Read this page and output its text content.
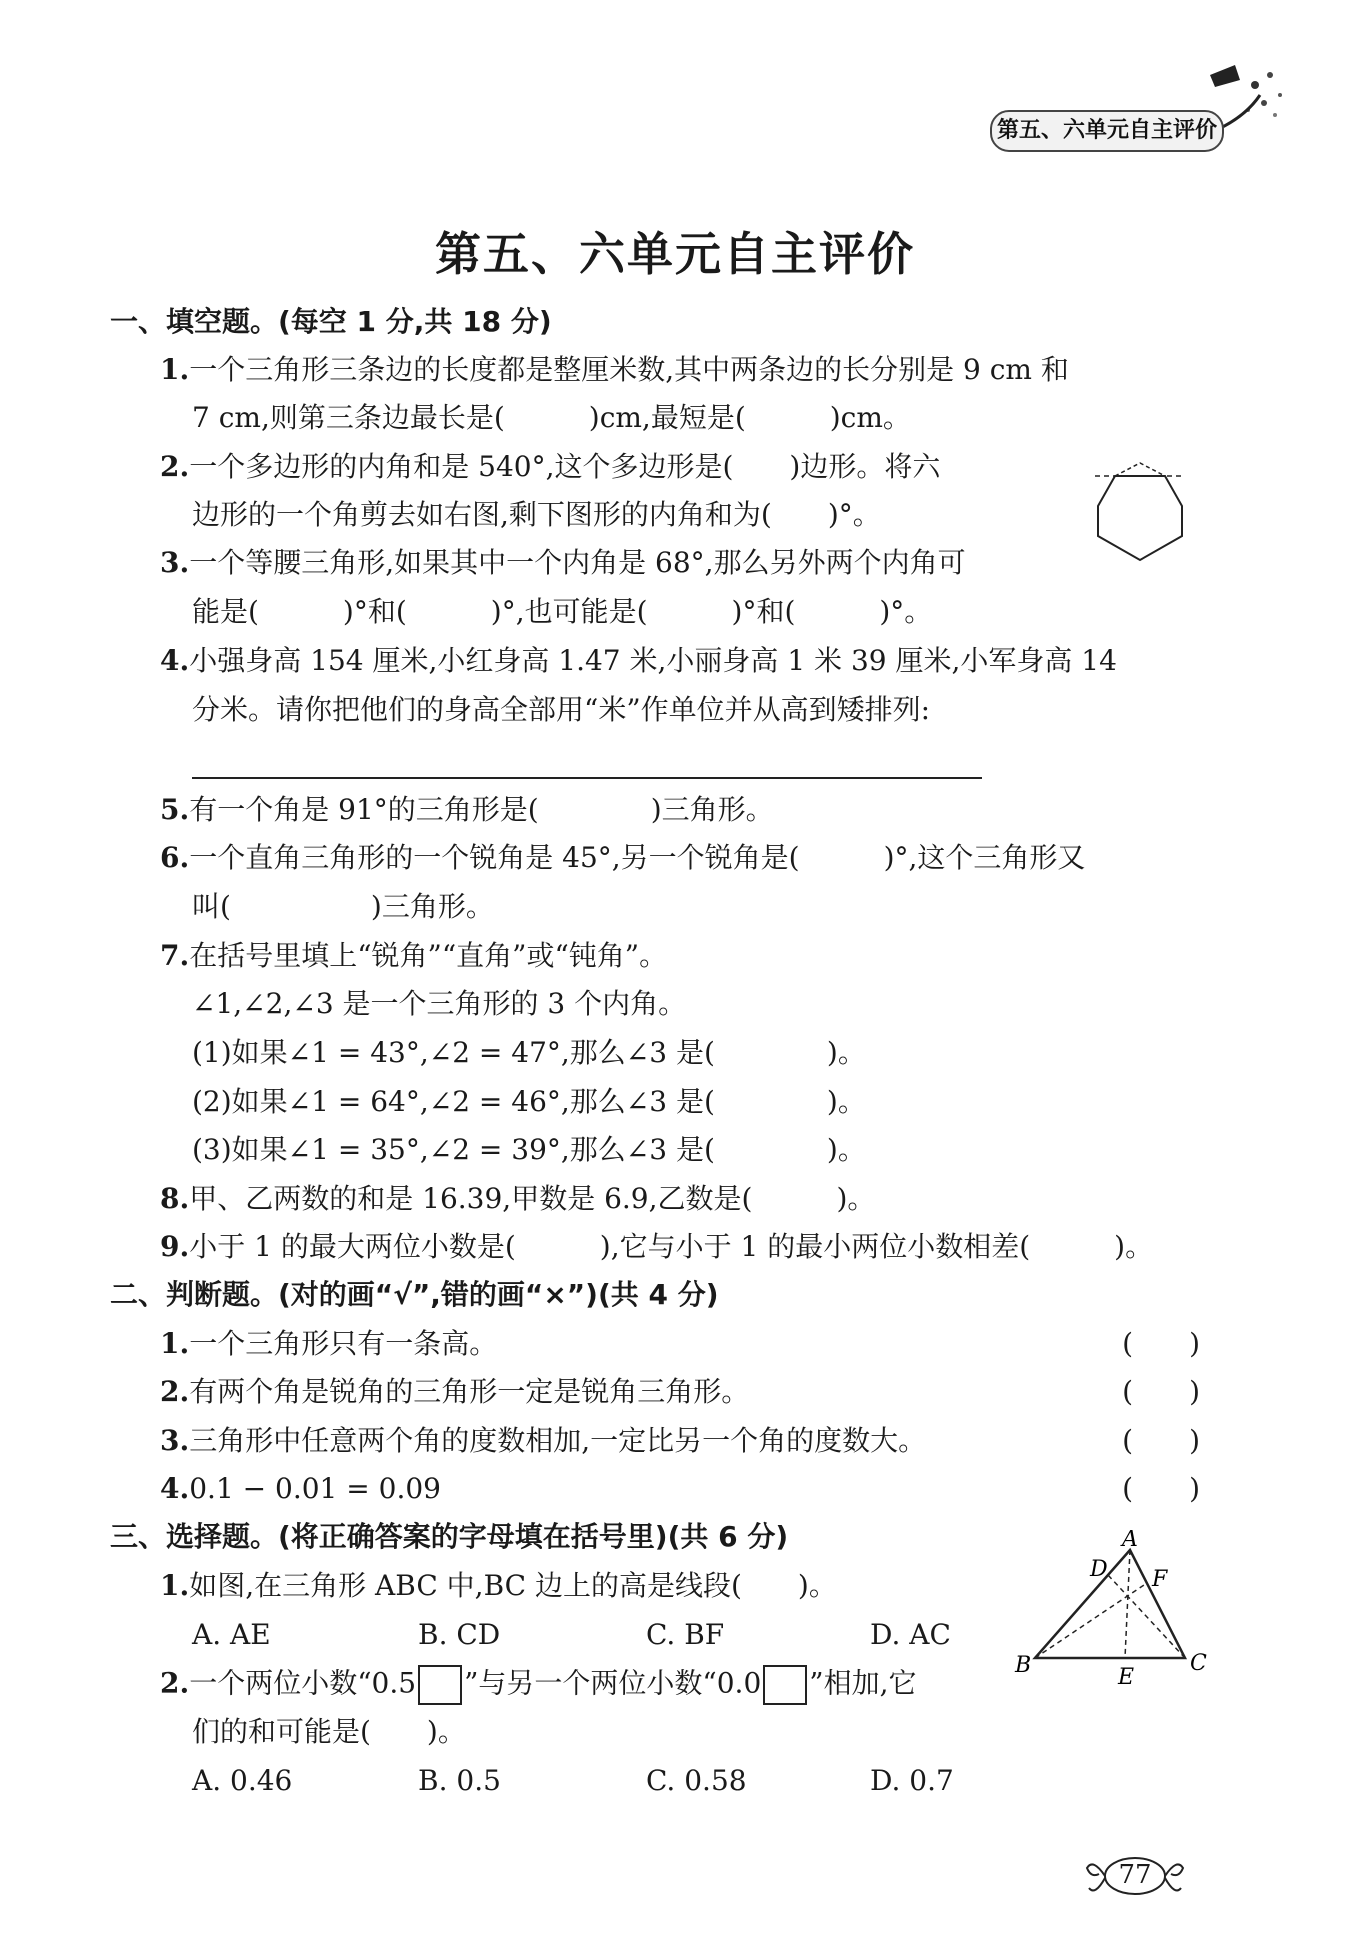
第五、六单元自主评价
第五、六单元自主评价
一、填空题。(每空 1 分,共 18 分)
1.一个三角形三条边的长度都是整厘米数,其中两条边的长分别是 9 cm 和
7 cm,则第三条边最长是(　　　)cm,最短是(　　　)cm。
2.一个多边形的内角和是 540°,这个多边形是(　　)边形。将六
边形的一个角剪去如右图,剩下图形的内角和为(　　)°。
3.一个等腰三角形,如果其中一个内角是 68°,那么另外两个内角可
能是(　　　)°和(　　　)°,也可能是(　　　)°和(　　　)°。
4.小强身高 154 厘米,小红身高 1.47 米,小丽身高 1 米 39 厘米,小军身高 14
分米。请你把他们的身高全部用“米”作单位并从高到矮排列:
5.有一个角是 91°的三角形是(　　　　)三角形。
6.一个直角三角形的一个锐角是 45°,另一个锐角是(　　　)°,这个三角形又
叫(　　　　　)三角形。
7.在括号里填上“锐角”“直角”或“钝角”。
∠1,∠2,∠3 是一个三角形的 3 个内角。
(1)如果∠1 = 43°,∠2 = 47°,那么∠3 是(　　　　)。
(2)如果∠1 = 64°,∠2 = 46°,那么∠3 是(　　　　)。
(3)如果∠1 = 35°,∠2 = 39°,那么∠3 是(　　　　)。
8.甲、乙两数的和是 16.39,甲数是 6.9,乙数是(　　　)。
9.小于 1 的最大两位小数是(　　　),它与小于 1 的最小两位小数相差(　　　)。
二、判断题。(对的画“√”,错的画“×”)(共 4 分)
1.一个三角形只有一条高。	(　　)
2.有两个角是锐角的三角形一定是锐角三角形。	(　　)
3.三角形中任意两个角的度数相加,一定比另一个角的度数大。	(　　)
4.0.1 − 0.01 = 0.09	(　　)
三、选择题。(将正确答案的字母填在括号里)(共 6 分)
1.如图,在三角形 ABC 中,BC 边上的高是线段(　　)。
A. AE	B. CD	C. BF	D. AC
A
B	C
D
E
F
2.一个两位小数“0.5 ”与另一个两位小数“0.0 ”相加,它
们的和可能是(　　)。
A. 0.46	B. 0.5	C. 0.58	D. 0.7
77
